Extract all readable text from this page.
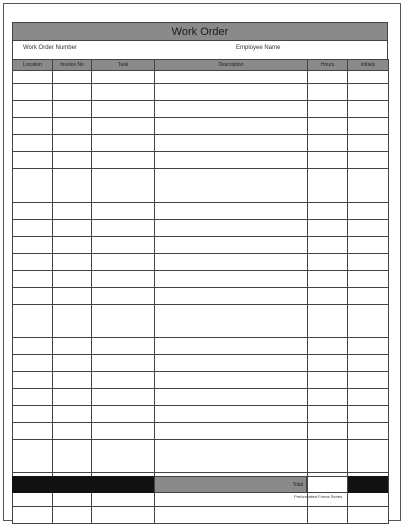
Work Order
Work Order Number	Employee Name
Location	Invoice No	Task	Description	Hours	Initials

Total
Preformatted Forms Series
